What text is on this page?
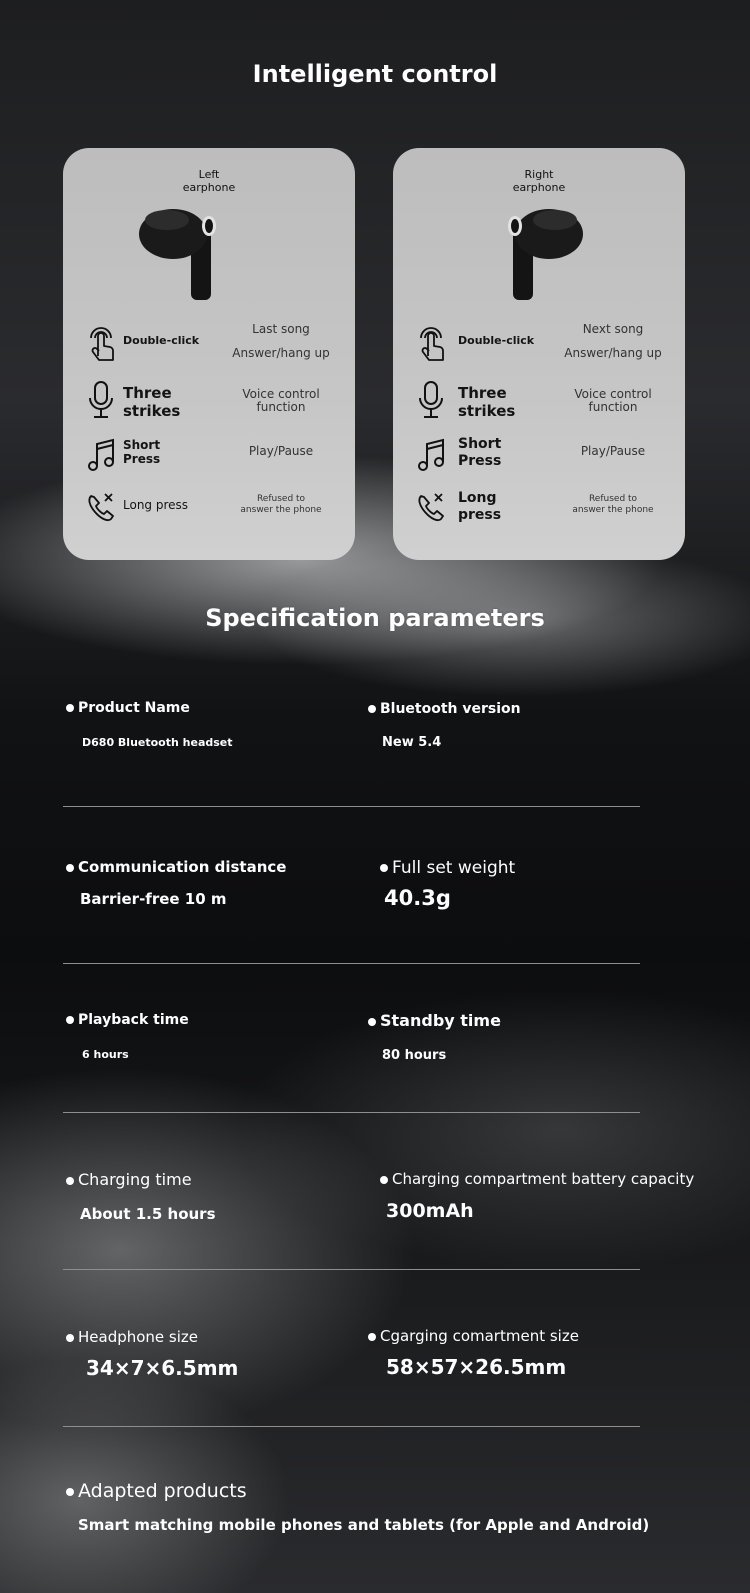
Intelligent control
Left
earphone
Double-click
Last song
Answer/hang up
Three
strikes
Voice control
function
Short
Press
Play/Pause
Long press	Refused to
answer the phone
Right
earphone
Double-click
Next song
Answer/hang up
Three
strikes
Voice control
function
Short
Press
Play/Pause
Long
press
Refused to
answer the phone
Specification parameters
Product Name
D680 Bluetooth headset
Bluetooth version
New 5.4
Communication distance
Barrier-free 10 m
Full set weight
40.3g
Playback time
6 hours
Standby time
80 hours
Charging time
About 1.5 hours
Charging compartment battery capacity
300mAh
Headphone size
34×7×6.5mm
Cgarging comartment size
58×57×26.5mm
Adapted products
Smart matching mobile phones and tablets (for Apple and Android)
